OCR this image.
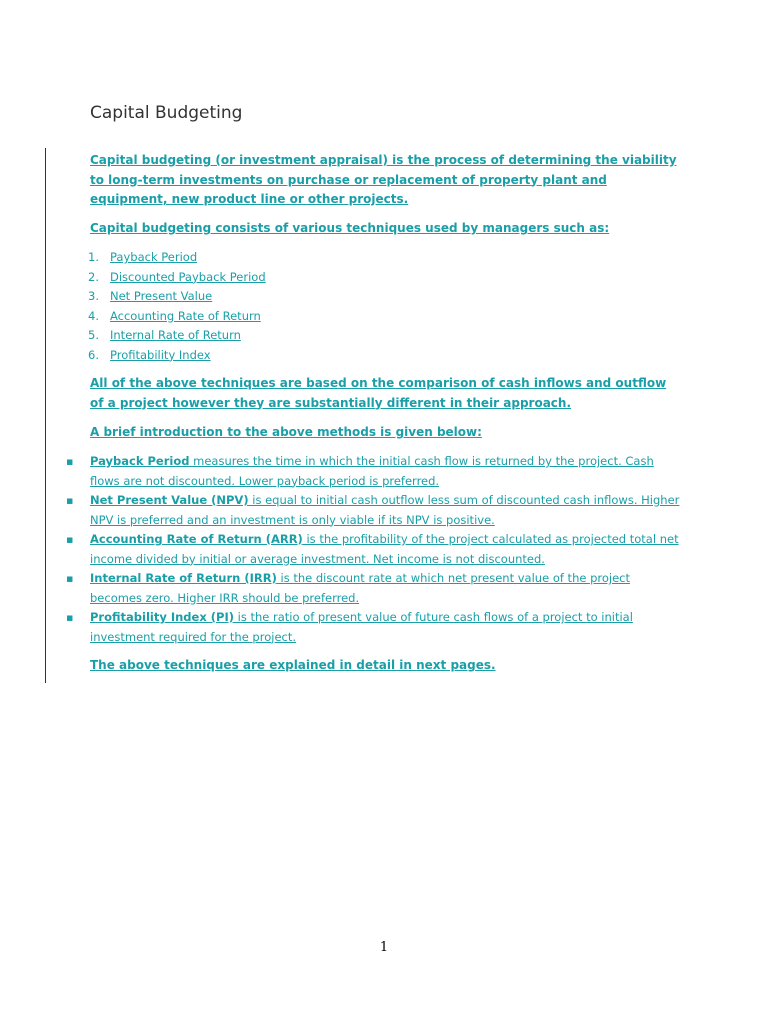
Capital Budgeting

Capital budgeting (or investment appraisal) is the process of determining the viability to long-term investments on purchase or replacement of property plant and equipment, new product line or other projects.

Capital budgeting consists of various techniques used by managers such as:

1. Payback Period
2. Discounted Payback Period
3. Net Present Value
4. Accounting Rate of Return
5. Internal Rate of Return
6. Profitability Index

All of the above techniques are based on the comparison of cash inflows and outflow of a project however they are substantially different in their approach.

A brief introduction to the above methods is given below:

▪ Payback Period measures the time in which the initial cash flow is returned by the project. Cash flows are not discounted. Lower payback period is preferred.
▪ Net Present Value (NPV) is equal to initial cash outflow less sum of discounted cash inflows. Higher NPV is preferred and an investment is only viable if its NPV is positive.
▪ Accounting Rate of Return (ARR) is the profitability of the project calculated as projected total net income divided by initial or average investment. Net income is not discounted.
▪ Internal Rate of Return (IRR) is the discount rate at which net present value of the project becomes zero. Higher IRR should be preferred.
▪ Profitability Index (PI) is the ratio of present value of future cash flows of a project to initial investment required for the project.

The above techniques are explained in detail in next pages.

1
